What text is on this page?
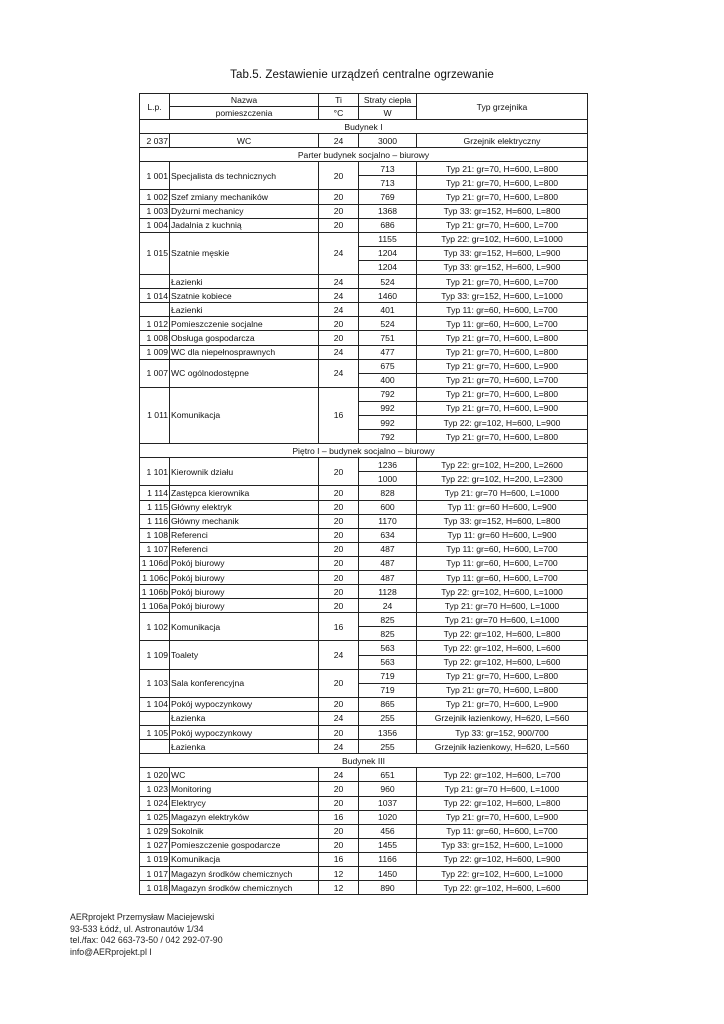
Tab.5. Zestawienie urządzeń centralne ogrzewanie
L.p.	Nazwa	Ti	Straty ciepła	Typ grzejnika
	pomieszczenia	°C	W	
Budynek I				
2 037	WC	24	3000	Grzejnik elektryczny
Parter budynek socjalno – biurowy				
1 001	Specjalista ds technicznych	20	713	Typ 21: gr=70, H=600, L=800
			713	Typ 21: gr=70, H=600, L=800
1 002	Szef zmiany mechaników	20	769	Typ 21: gr=70, H=600, L=800
1 003	Dyżurni mechanicy	20	1368	Typ 33: gr=152, H=600, L=800
1 004	Jadalnia z kuchnią	20	686	Typ 21: gr=70, H=600, L=700
1 015	Szatnie męskie	24	1155	Typ 22: gr=102, H=600, L=1000
			1204	Typ 33: gr=152, H=600, L=900
			1204	Typ 33: gr=152, H=600, L=900
	Łazienki	24	524	Typ 21: gr=70, H=600, L=700
1 014	Szatnie kobiece	24	1460	Typ 33: gr=152, H=600, L=1000
	Łazienki	24	401	Typ 11: gr=60, H=600, L=700
1 012	Pomieszczenie socjalne	20	524	Typ 11: gr=60, H=600, L=700
1 008	Obsługa gospodarcza	20	751	Typ 21: gr=70, H=600, L=800
1 009	WC dla niepełnosprawnych	24	477	Typ 21: gr=70, H=600, L=800
1 007	WC ogólnodostępne	24	675	Typ 21: gr=70, H=600, L=900
			400	Typ 21: gr=70, H=600, L=700
1 011	Komunikacja	16	792	Typ 21: gr=70, H=600, L=800
			992	Typ 21: gr=70, H=600, L=900
			992	Typ 22: gr=102, H=600, L=900
			792	Typ 21: gr=70, H=600, L=800
Piętro I – budynek socjalno – biurowy				
1 101	Kierownik działu	20	1236	Typ 22: gr=102, H=200, L=2600
			1000	Typ 22: gr=102, H=200, L=2300
1 114	Zastępca kierownika	20	828	Typ 21: gr=70 H=600, L=1000
1 115	Główny elektryk	20	600	Typ 11: gr=60 H=600, L=900
1 116	Główny mechanik	20	1170	Typ 33: gr=152, H=600, L=800
1 108	Referenci	20	634	Typ 11: gr=60 H=600, L=900
1 107	Referenci	20	487	Typ 11: gr=60, H=600, L=700
1 106d	Pokój biurowy	20	487	Typ 11: gr=60, H=600, L=700
1 106c	Pokój biurowy	20	487	Typ 11: gr=60, H=600, L=700
1 106b	Pokój biurowy	20	1128	Typ 22: gr=102, H=600, L=1000
1 106a	Pokój biurowy	20	24	Typ 21: gr=70 H=600, L=1000
1 102	Komunikacja	16	825	Typ 21: gr=70 H=600, L=1000
			825	Typ 22: gr=102, H=600, L=800
1 109	Toalety	24	563	Typ 22: gr=102, H=600, L=600
			563	Typ 22: gr=102, H=600, L=600
1 103	Sala konferencyjna	20	719	Typ 21: gr=70, H=600, L=800
			719	Typ 21: gr=70, H=600, L=800
1 104	Pokój wypoczynkowy	20	865	Typ 21: gr=70, H=600, L=900
	Łazienka	24	255	Grzejnik łazienkowy, H=620, L=560
1 105	Pokój wypoczynkowy	20	1356	Typ 33: gr=152, 900/700
	Łazienka	24	255	Grzejnik łazienkowy, H=620, L=560
Budynek III				
1 020	WC	24	651	Typ 22: gr=102, H=600, L=700
1 023	Monitoring	20	960	Typ 21: gr=70 H=600, L=1000
1 024	Elektrycy	20	1037	Typ 22: gr=102, H=600, L=800
1 025	Magazyn elektryków	16	1020	Typ 21: gr=70, H=600, L=900
1 029	Sokolnik	20	456	Typ 11: gr=60, H=600, L=700
1 027	Pomieszczenie gospodarcze	20	1455	Typ 33: gr=152, H=600, L=1000
1 019	Komunikacja	16	1166	Typ 22: gr=102, H=600, L=900
1 017	Magazyn środków chemicznych	12	1450	Typ 22: gr=102, H=600, L=1000
1 018	Magazyn środków chemicznych	12	890	Typ 22: gr=102, H=600, L=600
AERprojekt Przemysław Maciejewski
93-533 Łódź, ul. Astronautów 1/34
tel./fax: 042 663-73-50 / 042 292-07-90
info@AERprojekt.pl I
